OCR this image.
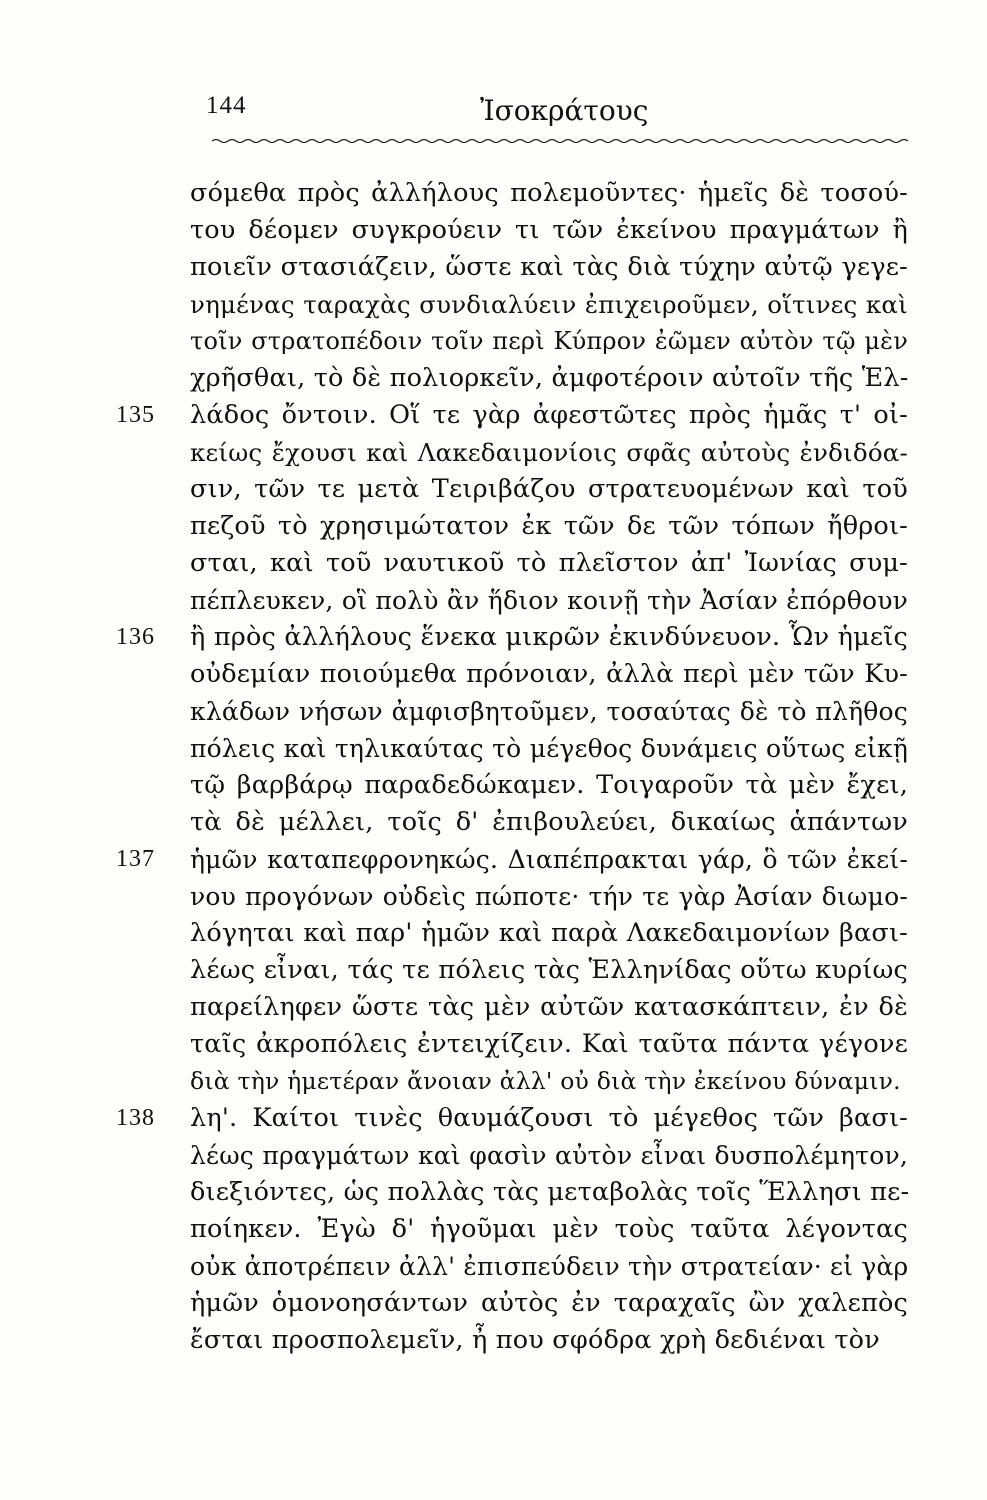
144	Ἰσοκράτους
σόμεθα πρὸς ἀλλήλους πολεμοῦντες· ἡμεῖς δὲ τοσού-
του δέομεν συγκρούειν τι τῶν ἐκείνου πραγμάτων ἢ
ποιεῖν στασιάζειν, ὥστε καὶ τὰς διὰ τύχην αὐτῷ γεγε-
νημένας ταραχὰς συνδιαλύειν ἐπιχειροῦμεν, οἵτινες καὶ
τοῖν στρατοπέδοιν τοῖν περὶ Κύπρον ἐῶμεν αὐτὸν τῷ μὲν
χρῆσθαι, τὸ δὲ πολιορκεῖν, ἀμφοτέροιν αὐτοῖν τῆς Ἑλ-
135 λάδος ὄντοιν. Οἵ τε γὰρ ἀφεστῶτες πρὸς ἡμᾶς τ' οἰ-
κείως ἔχουσι καὶ Λακεδαιμονίοις σφᾶς αὐτοὺς ἐνδιδόα-
σιν, τῶν τε μετὰ Τειριβάζου στρατευομένων καὶ τοῦ
πεζοῦ τὸ χρησιμώτατον ἐκ τῶν δε τῶν τόπων ἤθροι-
σται, καὶ τοῦ ναυτικοῦ τὸ πλεῖστον ἀπ' Ἰωνίας συμ-
πέπλευκεν, οἳ πολὺ ἂν ἥδιον κοινῇ τὴν Ἀσίαν ἐπόρθουν
136 ἢ πρὸς ἀλλήλους ἕνεκα μικρῶν ἐκινδύνευον. Ὧν ἡμεῖς
οὐδεμίαν ποιούμεθα πρόνοιαν, ἀλλὰ περὶ μὲν τῶν Κυ-
κλάδων νήσων ἀμφισβητοῦμεν, τοσαύτας δὲ τὸ πλῆθος
πόλεις καὶ τηλικαύτας τὸ μέγεθος δυνάμεις οὕτως εἰκῇ
τῷ βαρβάρῳ παραδεδώκαμεν. Τοιγαροῦν τὰ μὲν ἔχει,
τὰ δὲ μέλλει, τοῖς δ' ἐπιβουλεύει, δικαίως ἁπάντων
137 ἡμῶν καταπεφρονηκώς. Διαπέπρακται γάρ, ὃ τῶν ἐκεί-
νου προγόνων οὐδεὶς πώποτε· τήν τε γὰρ Ἀσίαν διωμο-
λόγηται καὶ παρ' ἡμῶν καὶ παρὰ Λακεδαιμονίων βασι-
λέως εἶναι, τάς τε πόλεις τὰς Ἑλληνίδας οὕτω κυρίως
παρείληφεν ὥστε τὰς μὲν αὐτῶν κατασκάπτειν, ἐν δὲ
ταῖς ἀκροπόλεις ἐντειχίζειν. Καὶ ταῦτα πάντα γέγονε
διὰ τὴν ἡμετέραν ἄνοιαν ἀλλ' οὐ διὰ τὴν ἐκείνου δύναμιν.
138 λη'. Καίτοι τινὲς θαυμάζουσι τὸ μέγεθος τῶν βασι-
λέως πραγμάτων καὶ φασὶν αὐτὸν εἶναι δυσπολέμητον,
διεξιόντες, ὡς πολλὰς τὰς μεταβολὰς τοῖς Ἕλλησι πε-
ποίηκεν. Ἐγὼ δ' ἡγοῦμαι μὲν τοὺς ταῦτα λέγοντας
οὐκ ἀποτρέπειν ἀλλ' ἐπισπεύδειν τὴν στρατείαν· εἰ γὰρ
ἡμῶν ὁμονοησάντων αὐτὸς ἐν ταραχαῖς ὢν χαλεπὸς
ἔσται προσπολεμεῖν, ἦ που σφόδρα χρὴ δεδιέναι τὸν
